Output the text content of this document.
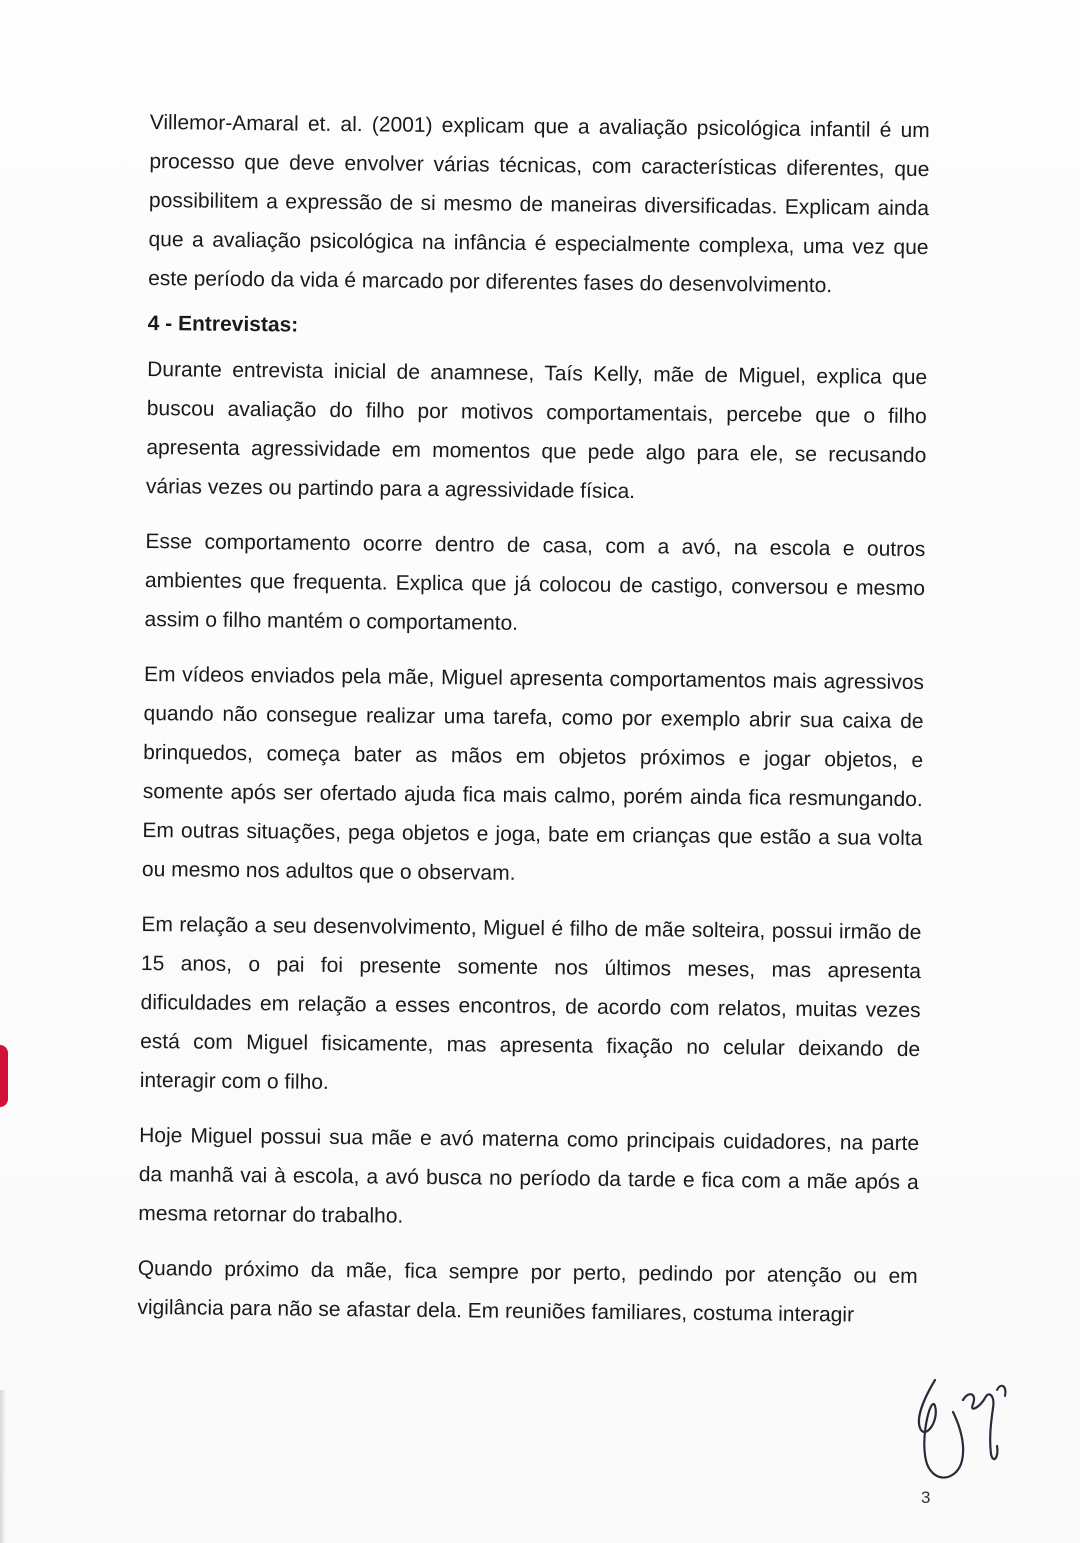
Villemor-Amaral et. al. (2001) explicam que a avaliação psicológica infantil é um processo que deve envolver várias técnicas, com características diferentes, que possibilitem a expressão de si mesmo de maneiras diversificadas. Explicam ainda que a avaliação psicológica na infância é especialmente complexa, uma vez que este período da vida é marcado por diferentes fases do desenvolvimento.

4 - Entrevistas:

Durante entrevista inicial de anamnese, Taís Kelly, mãe de Miguel, explica que buscou avaliação do filho por motivos comportamentais, percebe que o filho apresenta agressividade em momentos que pede algo para ele, se recusando várias vezes ou partindo para a agressividade física.

Esse comportamento ocorre dentro de casa, com a avó, na escola e outros ambientes que frequenta. Explica que já colocou de castigo, conversou e mesmo assim o filho mantém o comportamento.

Em vídeos enviados pela mãe, Miguel apresenta comportamentos mais agressivos quando não consegue realizar uma tarefa, como por exemplo abrir sua caixa de brinquedos, começa bater as mãos em objetos próximos e jogar objetos, e somente após ser ofertado ajuda fica mais calmo, porém ainda fica resmungando. Em outras situações, pega objetos e joga, bate em crianças que estão a sua volta ou mesmo nos adultos que o observam.

Em relação a seu desenvolvimento, Miguel é filho de mãe solteira, possui irmão de 15 anos, o pai foi presente somente nos últimos meses, mas apresenta dificuldades em relação a esses encontros, de acordo com relatos, muitas vezes está com Miguel fisicamente, mas apresenta fixação no celular deixando de interagir com o filho.

Hoje Miguel possui sua mãe e avó materna como principais cuidadores, na parte da manhã vai à escola, a avó busca no período da tarde e fica com a mãe após a mesma retornar do trabalho.

Quando próximo da mãe, fica sempre por perto, pedindo por atenção ou em vigilância para não se afastar dela. Em reuniões familiares, costuma interagir

3
